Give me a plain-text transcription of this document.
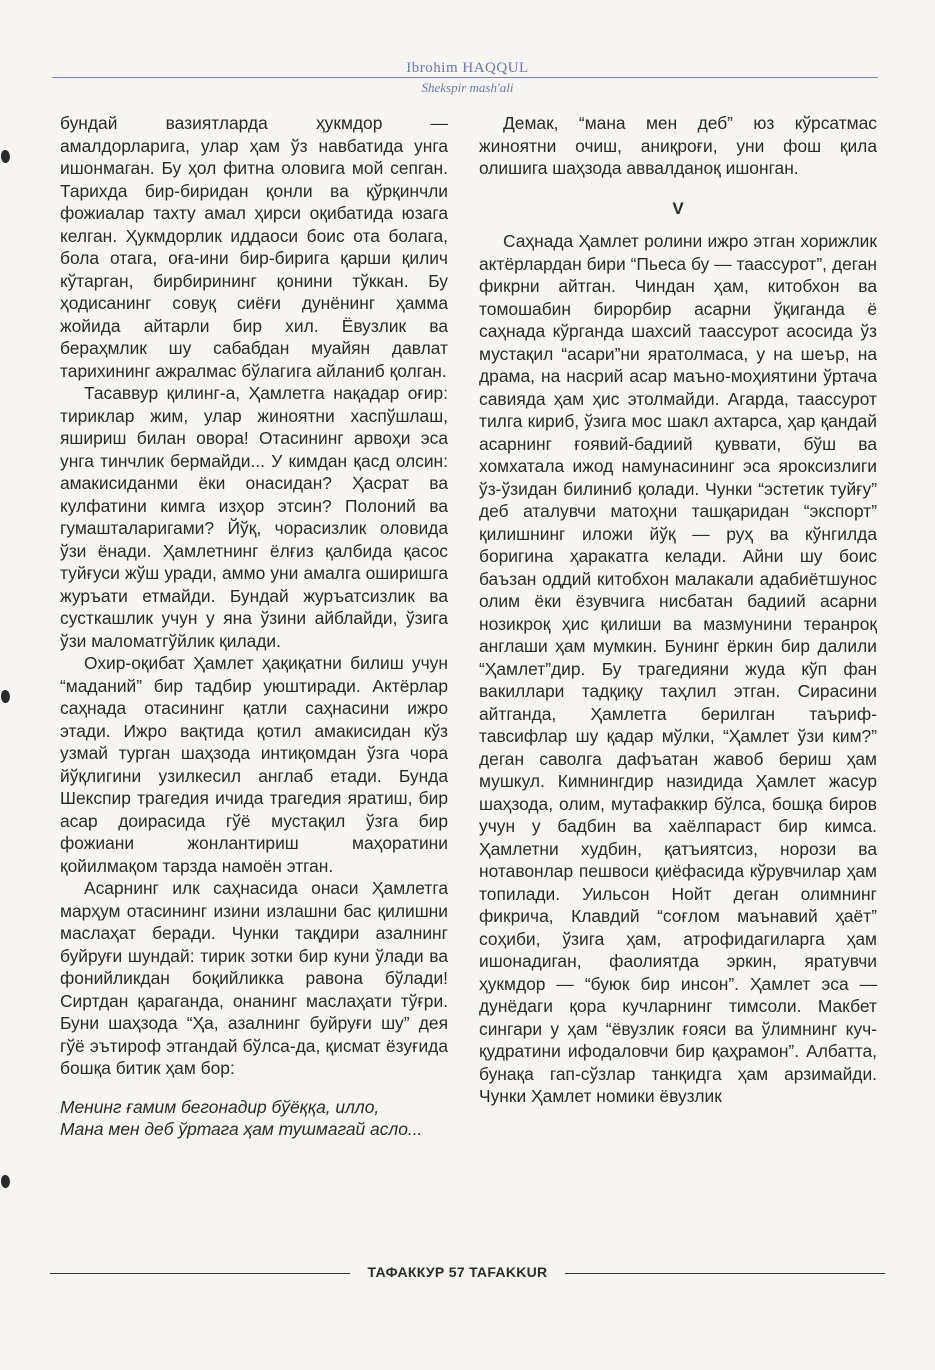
Ibrohim HAQQUL
Shekspir mash'ali

бундай вазиятларда ҳукмдор — амалдорларига, улар ҳам ўз навбатида унга ишонмаган. Бу ҳол фитна оловига мой сепган. Тарихда бир-биридан қонли ва қўрқинчли фожиалар тахту амал ҳирси оқибатида юзага келган. Ҳукмдорлик иддаоси боис ота болага, бола отага, оға-ини бир-бирига қарши қилич кўтарган, бирбирининг қонини тўккан. Бу ҳодисанинг совуқ сиёғи дунёнинг ҳамма жойида айтарли бир хил. Ёвузлик ва бераҳмлик шу сабабдан муайян давлат тарихининг ажралмас бўлагига айланиб қолган.

Тасаввур қилинг-а, Ҳамлетга нақадар оғир: тириклар жим, улар жиноятни хаспўшлаш, яшириш билан овора! Отасининг арвоҳи эса унга тинчлик бермайди... У кимдан қасд олсин: амакисиданми ёки онасидан? Ҳасрат ва кулфатини кимга изҳор этсин? Полоний ва гумашталаригами? Йўқ, чорасизлик оловида ўзи ёнади. Ҳамлетнинг ёлғиз қалбида қасос туйғуси жўш уради, аммо уни амалга оширишга журъати етмайди. Бундай журъатсизлик ва сусткашлик учун у яна ўзини айблайди, ўзига ўзи маломатгўйлик қилади.

Охир-оқибат Ҳамлет ҳақиқатни билиш учун “маданий” бир тадбир уюштиради. Актёрлар саҳнада отасининг қатли саҳнасини ижро этади. Ижро вақтида қотил амакисидан кўз узмай турган шаҳзода интиқомдан ўзга чора йўқлигини узилкесил англаб етади. Бунда Шекспир трагедия ичида трагедия яратиш, бир асар доирасида гўё мустақил ўзга бир фожиани жонлантириш маҳоратини қойилмақом тарзда намоён этган.

Асарнинг илк саҳнасида онаси Ҳамлетга марҳум отасининг изини излашни бас қилишни маслаҳат беради. Чунки тақдири азалнинг буйруғи шундай: тирик зотки бир куни ўлади ва фонийликдан боқийликка равона бўлади! Сиртдан қараганда, онанинг маслаҳати тўғри. Буни шаҳзода “Ҳа, азалнинг буйруғи шу” дея гўё эътироф этгандай бўлса-да, қисмат ёзуғида бошқа битик ҳам бор:

Менинг ғамим бегонадир бўёққа, илло,
Мана мен деб ўртага ҳам тушмагай асло...

Демак, “мана мен деб” юз кўрсатмас жиноятни очиш, аниқроғи, уни фош қила олишига шаҳзода аввалданоқ ишонган.

V

Саҳнада Ҳамлет ролини ижро этган хорижлик актёрлардан бири “Пьеса бу — таассурот”, деган фикрни айтган. Чиндан ҳам, китобхон ва томошабин бирорбир асарни ўқиганда ё саҳнада кўрганда шахсий таассурот асосида ўз мустақил “асари”ни яратолмаса, у на шеър, на драма, на насрий асар маъно-моҳиятини ўртача савияда ҳам ҳис этолмайди. Агарда, таассурот тилга кириб, ўзига мос шакл ахтарса, ҳар қандай асарнинг ғоявий-бадиий қуввати, бўш ва хомхатала ижод намунасининг эса ярокcизлиги ўз-ўзидан билиниб қолади. Чунки “эстетик туйғу” деб аталувчи матоҳни ташқаридан “экспорт” қилишнинг иложи йўқ — руҳ ва кўнгилда боригина ҳаракатга келади. Айни шу боис баъзан оддий китобхон малакали адабиётшунос олим ёки ёзувчига нисбатан бадиий асарни нозикроқ ҳис қилиши ва мазмунини теранроқ англаши ҳам мумкин. Бунинг ёркин бир далили “Ҳамлет”дир. Бу трагедияни жуда кўп фан вакиллари тадқиқу таҳлил этган. Сирасини айтганда, Ҳамлетга берилган таъриф-тавсифлар шу қадар мўлки, “Ҳамлет ўзи ким?” деган саволга дафъатан жавоб бериш ҳам мушкул. Кимнингдир назидида Ҳамлет жасур шаҳзода, олим, мутафаккир бўлса, бошқа биров учун у бадбин ва хаёлпараст бир кимса. Ҳамлетни худбин, қатъиятсиз, норози ва нотавонлар пешвоси қиёфасида кўрувчилар ҳам топилади. Уильсон Нойт деган олимнинг фикрича, Клавдий “соғлом маънавий ҳаёт” соҳиби, ўзига ҳам, атрофидагиларга ҳам ишонадиган, фаолиятда эркин, яратувчи ҳукмдор — “буюк бир инсон”. Ҳамлет эса — дунёдаги қора кучларнинг тимсоли. Макбет сингари у ҳам “ёвузлик ғояси ва ўлимнинг куч-қудратини ифодаловчи бир қаҳрамон”. Албатта, бунақа гап-сўзлар танқидга ҳам арзимайди. Чунки Ҳамлет номики ёвузлик

ТАФАККУР 57 TAFAKKUR
